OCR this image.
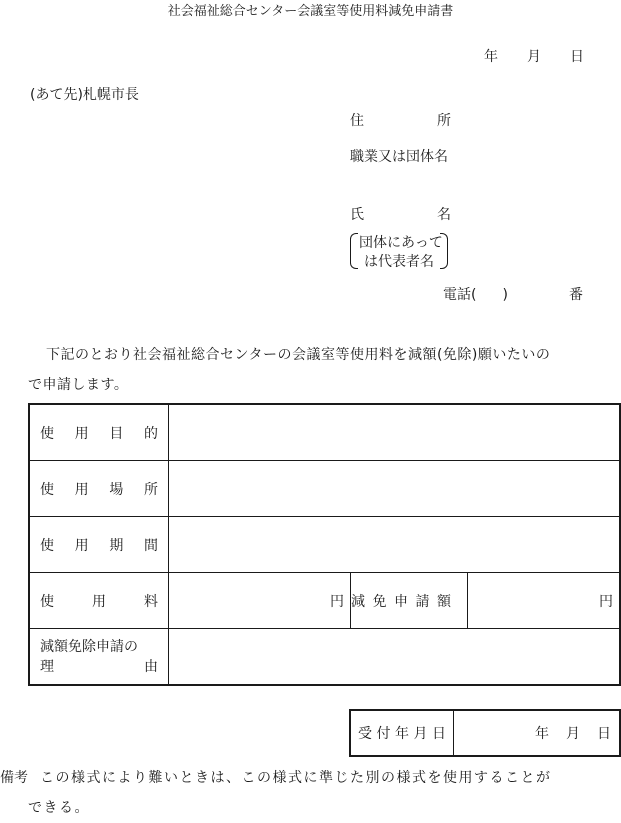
社会福祉総合センター会議室等使用料減免申請書
年 月 日
(あて先)札幌市長
住	所
職業又は団体名
氏	名
団体にあって
は代表者名
電話( )	番
下記のとおり社会福祉総合センターの会議室等使用料を減額(免除)願いたいの
で申請します。
使 用 目 的			

使 用 場 所			

使 用 期 間			

使 用 料	円	減 免 申 請 額	円

減額免除申請の
理 由			

受 付 年 月 日	年 月 日
備考 この様式により難いときは、この様式に準じた別の様式を使用することが
できる。
